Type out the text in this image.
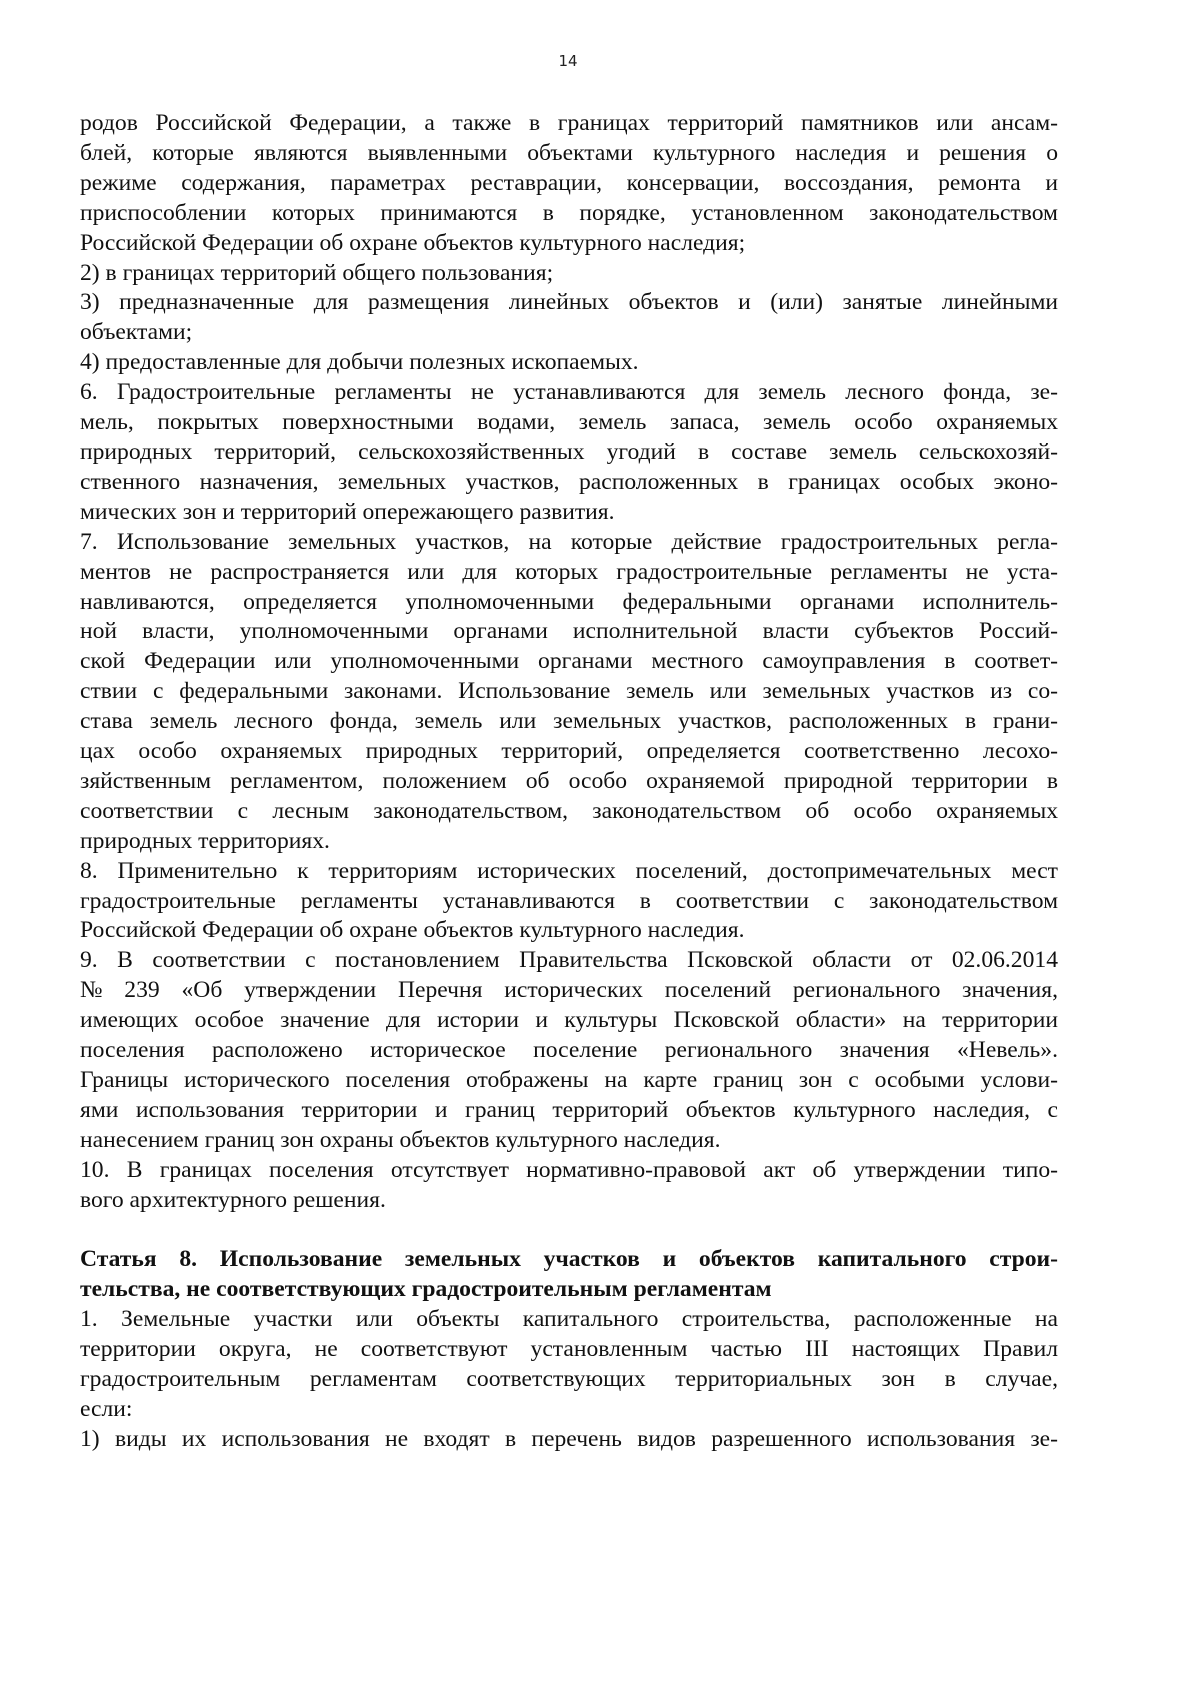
14

родов Российской Федерации, а также в границах территорий памятников или ансам-

блей, которые являются выявленными объектами культурного наследия и решения о

режиме содержания, параметрах реставрации, консервации, воссоздания, ремонта и

приспособлении которых принимаются в порядке, установленном законодательством

Российской Федерации об охране объектов культурного наследия;

2) в границах территорий общего пользования;

3) предназначенные для размещения линейных объектов и (или) занятые линейными

объектами;

4) предоставленные для добычи полезных ископаемых.

6. Градостроительные регламенты не устанавливаются для земель лесного фонда, зе-

мель, покрытых поверхностными водами, земель запаса, земель особо охраняемых

природных территорий, сельскохозяйственных угодий в составе земель сельскохозяй-

ственного назначения, земельных участков, расположенных в границах особых эконо-

мических зон и территорий опережающего развития.

7. Использование земельных участков, на которые действие градостроительных регла-

ментов не распространяется или для которых градостроительные регламенты не уста-

навливаются, определяется уполномоченными федеральными органами исполнитель-

ной власти, уполномоченными органами исполнительной власти субъектов Россий-

ской Федерации или уполномоченными органами местного самоуправления в соответ-

ствии с федеральными законами. Использование земель или земельных участков из со-

става земель лесного фонда, земель или земельных участков, расположенных в грани-

цах особо охраняемых природных территорий, определяется соответственно лесохо-

зяйственным регламентом, положением об особо охраняемой природной территории в

соответствии с лесным законодательством, законодательством об особо охраняемых

природных территориях.

8. Применительно к территориям исторических поселений, достопримечательных мест

градостроительные регламенты устанавливаются в соответствии с законодательством

Российской Федерации об охране объектов культурного наследия.

9. В соответствии с постановлением Правительства Псковской области от 02.06.2014

№ 239 «Об утверждении Перечня исторических поселений регионального значения,

имеющих особое значение для истории и культуры Псковской области» на территории

поселения расположено историческое поселение регионального значения «Невель».

Границы исторического поселения отображены на карте границ зон с особыми услови-

ями использования территории и границ территорий объектов культурного наследия, с

нанесением границ зон охраны объектов культурного наследия.

10. В границах поселения отсутствует нормативно-правовой акт об утверждении типо-

вого архитектурного решения.

Статья 8. Использование земельных участков и объектов капитального строи-

тельства, не соответствующих градостроительным регламентам

1. Земельные участки или объекты капитального строительства, расположенные на

территории округа, не соответствуют установленным частью III настоящих Правил

градостроительным регламентам соответствующих территориальных зон в случае,

если:

1) виды их использования не входят в перечень видов разрешенного использования зе-
